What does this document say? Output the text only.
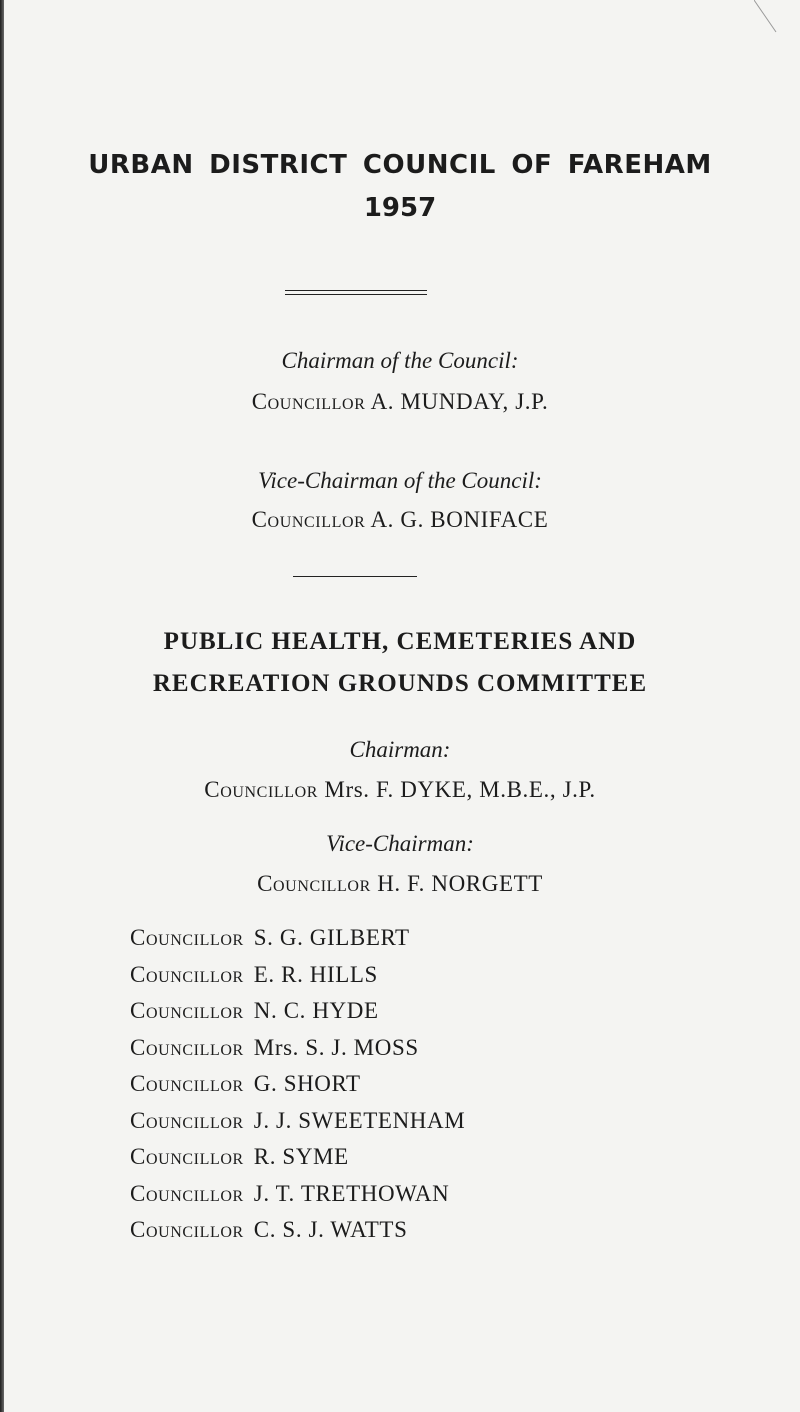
URBAN DISTRICT COUNCIL OF FAREHAM
1957
Chairman of the Council:
Councillor A. MUNDAY, J.P.
Vice-Chairman of the Council:
Councillor A. G. BONIFACE
PUBLIC HEALTH, CEMETERIES AND
RECREATION GROUNDS COMMITTEE
Chairman:
Councillor Mrs. F. DYKE, M.B.E., J.P.
Vice-Chairman:
Councillor H. F. NORGETT
Councillor S. G. GILBERT
Councillor E. R. HILLS
Councillor N. C. HYDE
Councillor Mrs. S. J. MOSS
Councillor G. SHORT
Councillor J. J. SWEETENHAM
Councillor R. SYME
Councillor J. T. TRETHOWAN
Councillor C. S. J. WATTS
